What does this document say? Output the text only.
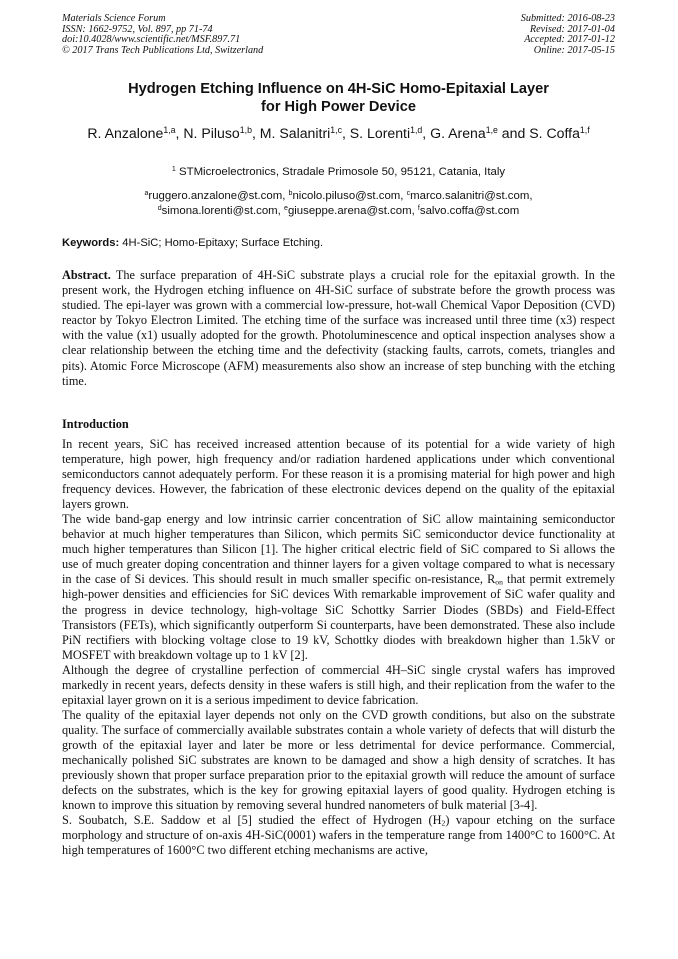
Materials Science Forum
ISSN: 1662-9752, Vol. 897, pp 71-74
doi:10.4028/www.scientific.net/MSF.897.71
© 2017 Trans Tech Publications Ltd, Switzerland
Submitted: 2016-08-23
Revised: 2017-01-04
Accepted: 2017-01-12
Online: 2017-05-15
Hydrogen Etching Influence on 4H-SiC Homo-Epitaxial Layer
for High Power Device
R. Anzalone$^{1,a}$, N. Piluso$^{1,b}$, M. Salanitri$^{1,c}$, S. Lorenti$^{1,d}$, G. Arena$^{1,e}$ and S. Coffa$^{1,f}$
$^1$ STMicroelectronics, Stradale Primosole 50, 95121, Catania, Italy
$^a$ruggero.anzalone@st.com, $^b$nicolo.piluso@st.com, $^c$marco.salanitri@st.com,
$^d$simona.lorenti@st.com, $^e$giuseppe.arena@st.com, $^f$salvo.coffa@st.com
Keywords: 4H-SiC; Homo-Epitaxy; Surface Etching.
Abstract. The surface preparation of 4H-SiC substrate plays a crucial role for the epitaxial growth. In the present work, the Hydrogen etching influence on 4H-SiC surface of substrate before the growth process was studied. The epi-layer was grown with a commercial low-pressure, hot-wall Chemical Vapor Deposition (CVD) reactor by Tokyo Electron Limited. The etching time of the surface was increased until three time (x3) respect with the value (x1) usually adopted for the growth. Photoluminescence and optical inspection analyses show a clear relationship between the etching time and the defectivity (stacking faults, carrots, comets, triangles and pits). Atomic Force Microscope (AFM) measurements also show an increase of step bunching with the etching time.
Introduction

In recent years, SiC has received increased attention because of its potential for a wide variety of high temperature, high power, high frequency and/or radiation hardened applications under which conventional semiconductors cannot adequately perform. For these reason it is a promising material for high power and high frequency devices. However, the fabrication of these electronic devices depend on the quality of the epitaxial layers grown.

The wide band-gap energy and low intrinsic carrier concentration of SiC allow maintaining semiconductor behavior at much higher temperatures than Silicon, which permits SiC semiconductor device functionality at much higher temperatures than Silicon [1]. The higher critical electric field of SiC compared to Si allows the use of much greater doping concentration and thinner layers for a given voltage compared to what is necessary in the case of Si devices. This should result in much smaller specific on-resistance, $R_{on}$ that permit extremely high-power densities and efficiencies for SiC devices With remarkable improvement of SiC wafer quality and the progress in device technology, high-voltage SiC Schottky Sarrier Diodes (SBDs) and Field-Effect Transistors (FETs), which significantly outperform Si counterparts, have been demonstrated. These also include PiN rectifiers with blocking voltage close to 19 kV, Schottky diodes with breakdown higher than 1.5kV or MOSFET with breakdown voltage up to 1 kV [2].

Although the degree of crystalline perfection of commercial 4H–SiC single crystal wafers has improved markedly in recent years, defects density in these wafers is still high, and their replication from the wafer to the epitaxial layer grown on it is a serious impediment to device fabrication.

The quality of the epitaxial layer depends not only on the CVD growth conditions, but also on the substrate quality. The surface of commercially available substrates contain a whole variety of defects that will disturb the growth of the epitaxial layer and later be more or less detrimental for device performance. Commercial, mechanically polished SiC substrates are known to be damaged and show a high density of scratches. It has previously shown that proper surface preparation prior to the epitaxial growth will reduce the amount of surface defects on the substrates, which is the key for growing epitaxial layers of good quality. Hydrogen etching is known to improve this situation by removing several hundred nanometers of bulk material [3-4].

S. Soubatch, S.E. Saddow et al [5] studied the effect of Hydrogen $(H_2)$ vapour etching on the surface morphology and structure of on-axis 4H-SiC(0001) wafers in the temperature range from 1400°C to 1600°C. At high temperatures of 1600°C two different etching mechanisms are active,
